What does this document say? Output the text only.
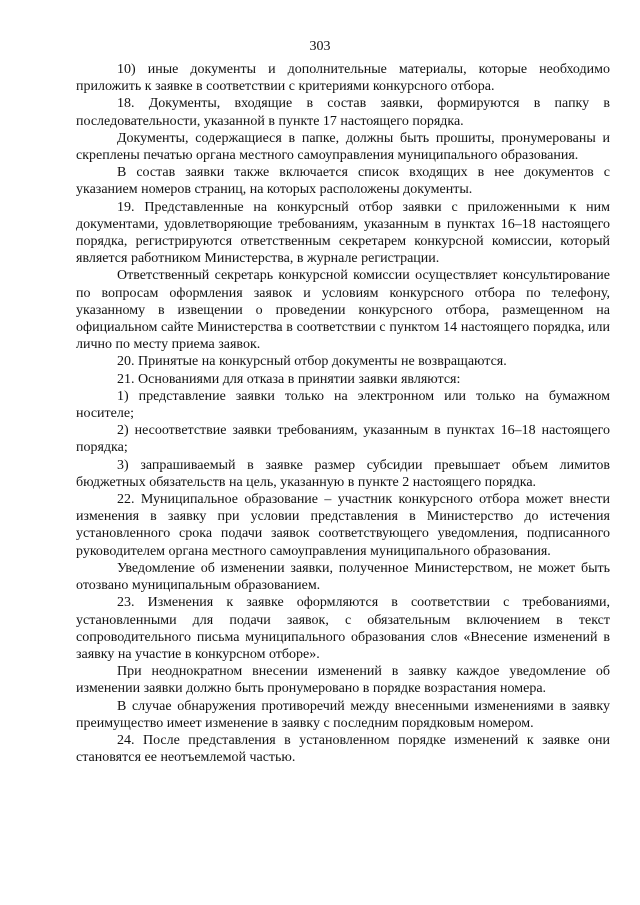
303

10) иные документы и дополнительные материалы, которые необходимо приложить к заявке в соответствии с критериями конкурсного отбора.

18. Документы, входящие в состав заявки, формируются в папку в последовательности, указанной в пункте 17 настоящего порядка.

Документы, содержащиеся в папке, должны быть прошиты, пронумерованы и скреплены печатью органа местного самоуправления муниципального образования.

В состав заявки также включается список входящих в нее документов с указанием номеров страниц, на которых расположены документы.

19. Представленные на конкурсный отбор заявки с приложенными к ним документами, удовлетворяющие требованиям, указанным в пунктах 16–18 настоящего порядка, регистрируются ответственным секретарем конкурсной комиссии, который является работником Министерства, в журнале регистрации.

Ответственный секретарь конкурсной комиссии осуществляет консультирование по вопросам оформления заявок и условиям конкурсного отбора по телефону, указанному в извещении о проведении конкурсного отбора, размещенном на официальном сайте Министерства в соответствии с пунктом 14 настоящего порядка, или лично по месту приема заявок.

20. Принятые на конкурсный отбор документы не возвращаются.

21. Основаниями для отказа в принятии заявки являются:

1) представление заявки только на электронном или только на бумажном носителе;

2) несоответствие заявки требованиям, указанным в пунктах 16–18 настоящего порядка;

3) запрашиваемый в заявке размер субсидии превышает объем лимитов бюджетных обязательств на цель, указанную в пункте 2 настоящего порядка.

22. Муниципальное образование – участник конкурсного отбора может внести изменения в заявку при условии представления в Министерство до истечения установленного срока подачи заявок соответствующего уведомления, подписанного руководителем органа местного самоуправления муниципального образования.

Уведомление об изменении заявки, полученное Министерством, не может быть отозвано муниципальным образованием.

23. Изменения к заявке оформляются в соответствии с требованиями, установленными для подачи заявок, с обязательным включением в текст сопроводительного письма муниципального образования слов «Внесение изменений в заявку на участие в конкурсном отборе».

При неоднократном внесении изменений в заявку каждое уведомление об изменении заявки должно быть пронумеровано в порядке возрастания номера.

В случае обнаружения противоречий между внесенными изменениями в заявку преимущество имеет изменение в заявку с последним порядковым номером.

24. После представления в установленном порядке изменений к заявке они становятся ее неотъемлемой частью.
